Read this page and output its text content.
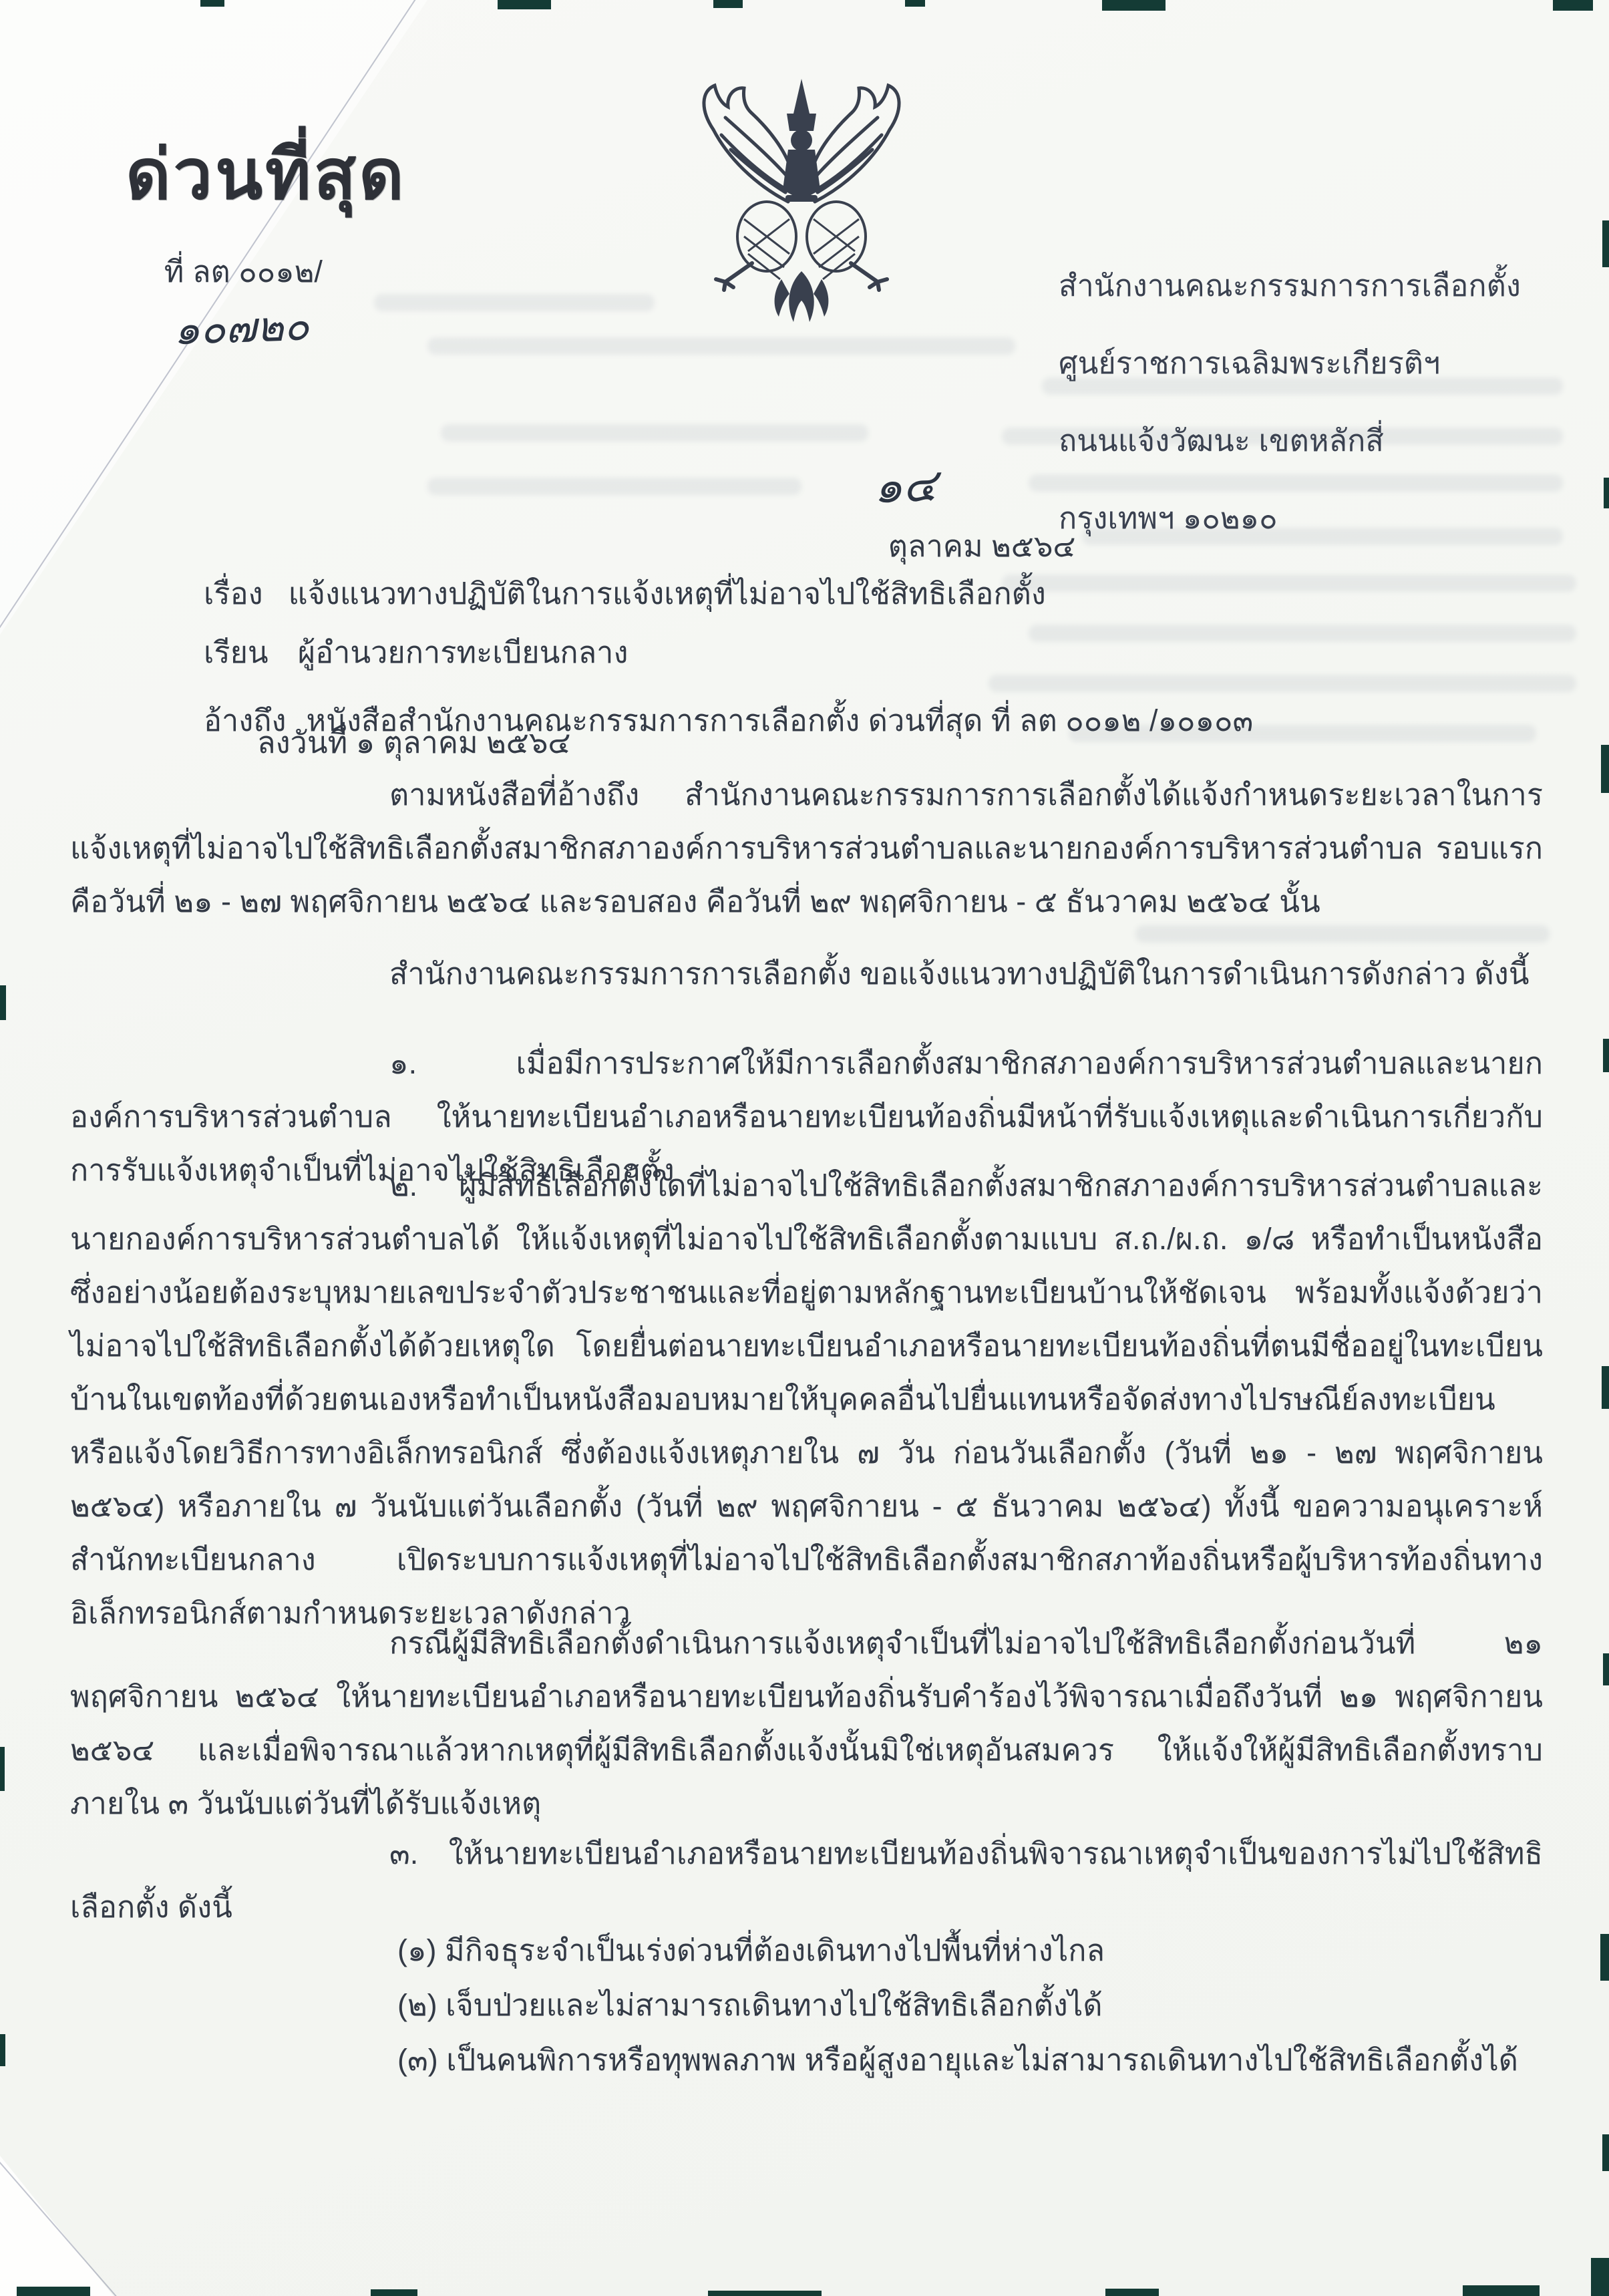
ด่วนที่สุด

ที่ ลต ๐๐๑๒/
๑๐๗๒๐

สำนักงานคณะกรรมการการเลือกตั้ง

ศูนย์ราชการเฉลิมพระเกียรติฯ

ถนนแจ้งวัฒนะ เขตหลักสี่

กรุงเทพฯ ๑๐๒๑๐

๑๔
ตุลาคม ๒๕๖๔

เรื่อง แจ้งแนวทางปฏิบัติในการแจ้งเหตุที่ไม่อาจไปใช้สิทธิเลือกตั้ง

เรียน ผู้อำนวยการทะเบียนกลาง

อ้างถึง หนังสือสำนักงานคณะกรรมการการเลือกตั้ง ด่วนที่สุด ที่ ลต ๐๐๑๒ /๑๐๑๐๓

ลงวันที่ ๑ ตุลาคม ๒๕๖๔
ตามหนังสือที่อ้างถึง สำนักงานคณะกรรมการการเลือกตั้งได้แจ้งกำหนดระยะเวลาในการแจ้งเหตุที่ไม่อาจไปใช้สิทธิเลือกตั้งสมาชิกสภาองค์การบริหารส่วนตำบลและนายกองค์การบริหารส่วนตำบล รอบแรก คือวันที่ ๒๑ - ๒๗ พฤศจิกายน ๒๕๖๔ และรอบสอง คือวันที่ ๒๙ พฤศจิกายน - ๕ ธันวาคม ๒๕๖๔ นั้น
สำนักงานคณะกรรมการการเลือกตั้ง ขอแจ้งแนวทางปฏิบัติในการดำเนินการดังกล่าว ดังนี้
๑. เมื่อมีการประกาศให้มีการเลือกตั้งสมาชิกสภาองค์การบริหารส่วนตำบลและนายกองค์การบริหารส่วนตำบล ให้นายทะเบียนอำเภอหรือนายทะเบียนท้องถิ่นมีหน้าที่รับแจ้งเหตุและดำเนินการเกี่ยวกับการรับแจ้งเหตุจำเป็นที่ไม่อาจไปใช้สิทธิเลือกตั้ง
๒. ผู้มีสิทธิเลือกตั้งใดที่ไม่อาจไปใช้สิทธิเลือกตั้งสมาชิกสภาองค์การบริหารส่วนตำบลและนายกองค์การบริหารส่วนตำบลได้ ให้แจ้งเหตุที่ไม่อาจไปใช้สิทธิเลือกตั้งตามแบบ ส.ถ./ผ.ถ. ๑/๘ หรือทำเป็นหนังสือซึ่งอย่างน้อยต้องระบุหมายเลขประจำตัวประชาชนและที่อยู่ตามหลักฐานทะเบียนบ้านให้ชัดเจน พร้อมทั้งแจ้งด้วยว่าไม่อาจไปใช้สิทธิเลือกตั้งได้ด้วยเหตุใด โดยยื่นต่อนายทะเบียนอำเภอหรือนายทะเบียนท้องถิ่นที่ตนมีชื่ออยู่ในทะเบียนบ้านในเขตท้องที่ด้วยตนเองหรือทำเป็นหนังสือมอบหมายให้บุคคลอื่นไปยื่นแทนหรือจัดส่งทางไปรษณีย์ลงทะเบียน หรือแจ้งโดยวิธีการทางอิเล็กทรอนิกส์ ซึ่งต้องแจ้งเหตุภายใน ๗ วัน ก่อนวันเลือกตั้ง (วันที่ ๒๑ - ๒๗ พฤศจิกายน ๒๕๖๔) หรือภายใน ๗ วันนับแต่วันเลือกตั้ง (วันที่ ๒๙ พฤศจิกายน - ๕ ธันวาคม ๒๕๖๔) ทั้งนี้ ขอความอนุเคราะห์สำนักทะเบียนกลาง เปิดระบบการแจ้งเหตุที่ไม่อาจไปใช้สิทธิเลือกตั้งสมาชิกสภาท้องถิ่นหรือผู้บริหารท้องถิ่นทางอิเล็กทรอนิกส์ตามกำหนดระยะเวลาดังกล่าว
กรณีผู้มีสิทธิเลือกตั้งดำเนินการแจ้งเหตุจำเป็นที่ไม่อาจไปใช้สิทธิเลือกตั้งก่อนวันที่ ๒๑ พฤศจิกายน ๒๕๖๔ ให้นายทะเบียนอำเภอหรือนายทะเบียนท้องถิ่นรับคำร้องไว้พิจารณาเมื่อถึงวันที่ ๒๑ พฤศจิกายน ๒๕๖๔ และเมื่อพิจารณาแล้วหากเหตุที่ผู้มีสิทธิเลือกตั้งแจ้งนั้นมิใช่เหตุอันสมควร ให้แจ้งให้ผู้มีสิทธิเลือกตั้งทราบภายใน ๓ วันนับแต่วันที่ได้รับแจ้งเหตุ
๓. ให้นายทะเบียนอำเภอหรือนายทะเบียนท้องถิ่นพิจารณาเหตุจำเป็นของการไม่ไปใช้สิทธิเลือกตั้ง ดังนี้
(๑) มีกิจธุระจำเป็นเร่งด่วนที่ต้องเดินทางไปพื้นที่ห่างไกล
(๒) เจ็บป่วยและไม่สามารถเดินทางไปใช้สิทธิเลือกตั้งได้
(๓) เป็นคนพิการหรือทุพพลภาพ หรือผู้สูงอายุและไม่สามารถเดินทางไปใช้สิทธิเลือกตั้งได้
